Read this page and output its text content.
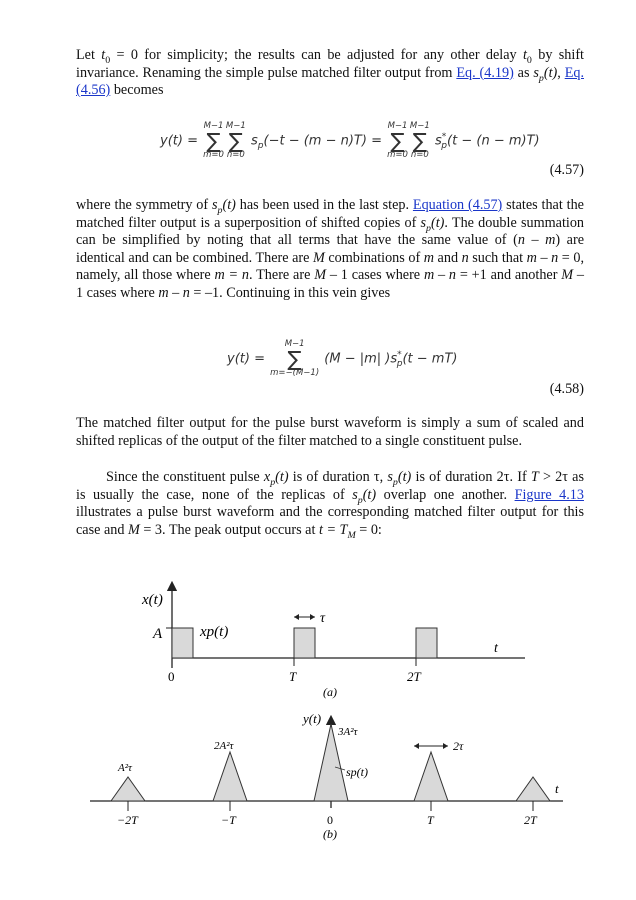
Let $t_0 = 0$ for simplicity; the results can be adjusted for any other delay $t_0$ by shift invariance. Renaming the simple pulse matched filter output from Eq. (4.19) as $s_p(t)$, Eq. (4.56) becomes

y(t) =
M−1
∑
m=0
M−1
∑
n=0
$s_p(-t - (m - n)T)$ =
M−1
∑
m=0
M−1
∑
n=0
$s^*_p(t - (n - m)T)$
(4.57)

where the symmetry of $s_p(t)$ has been used in the last step. Equation (4.57) states that the matched filter output is a superposition of shifted copies of $s_p(t)$. The double summation can be simplified by noting that all terms that have the same value of (n – m) are identical and can be combined. There are M combinations of m and n such that m – n = 0, namely, all those where m = n. There are M – 1 cases where m – n = +1 and another M – 1 cases where m – n = –1. Continuing in this vein gives

y(t) =
M−1
∑
m=−(M−1)
(M − |m| )$s^*_p(t - mT)$
(4.58)

The matched filter output for the pulse burst waveform is simply a sum of scaled and shifted replicas of the output of the filter matched to a single constituent pulse.

Since the constituent pulse $x_p(t)$ is of duration τ, $s_p(t)$ is of duration 2τ. If T > 2τ as is usually the case, none of the replicas of $s_p(t)$ overlap one another. Figure 4.13 illustrates a pulse burst waveform and the corresponding matched filter output for this case and M = 3. The peak output occurs at $t = T_M = 0$:

x(t)
A	xp(t)
τ
t
0	T	2T
(a)
y(t)
3A²τ
2A²τ
A²τ	sp(t)
2τ
t
−2T	−T	0	T	2T
(b)
